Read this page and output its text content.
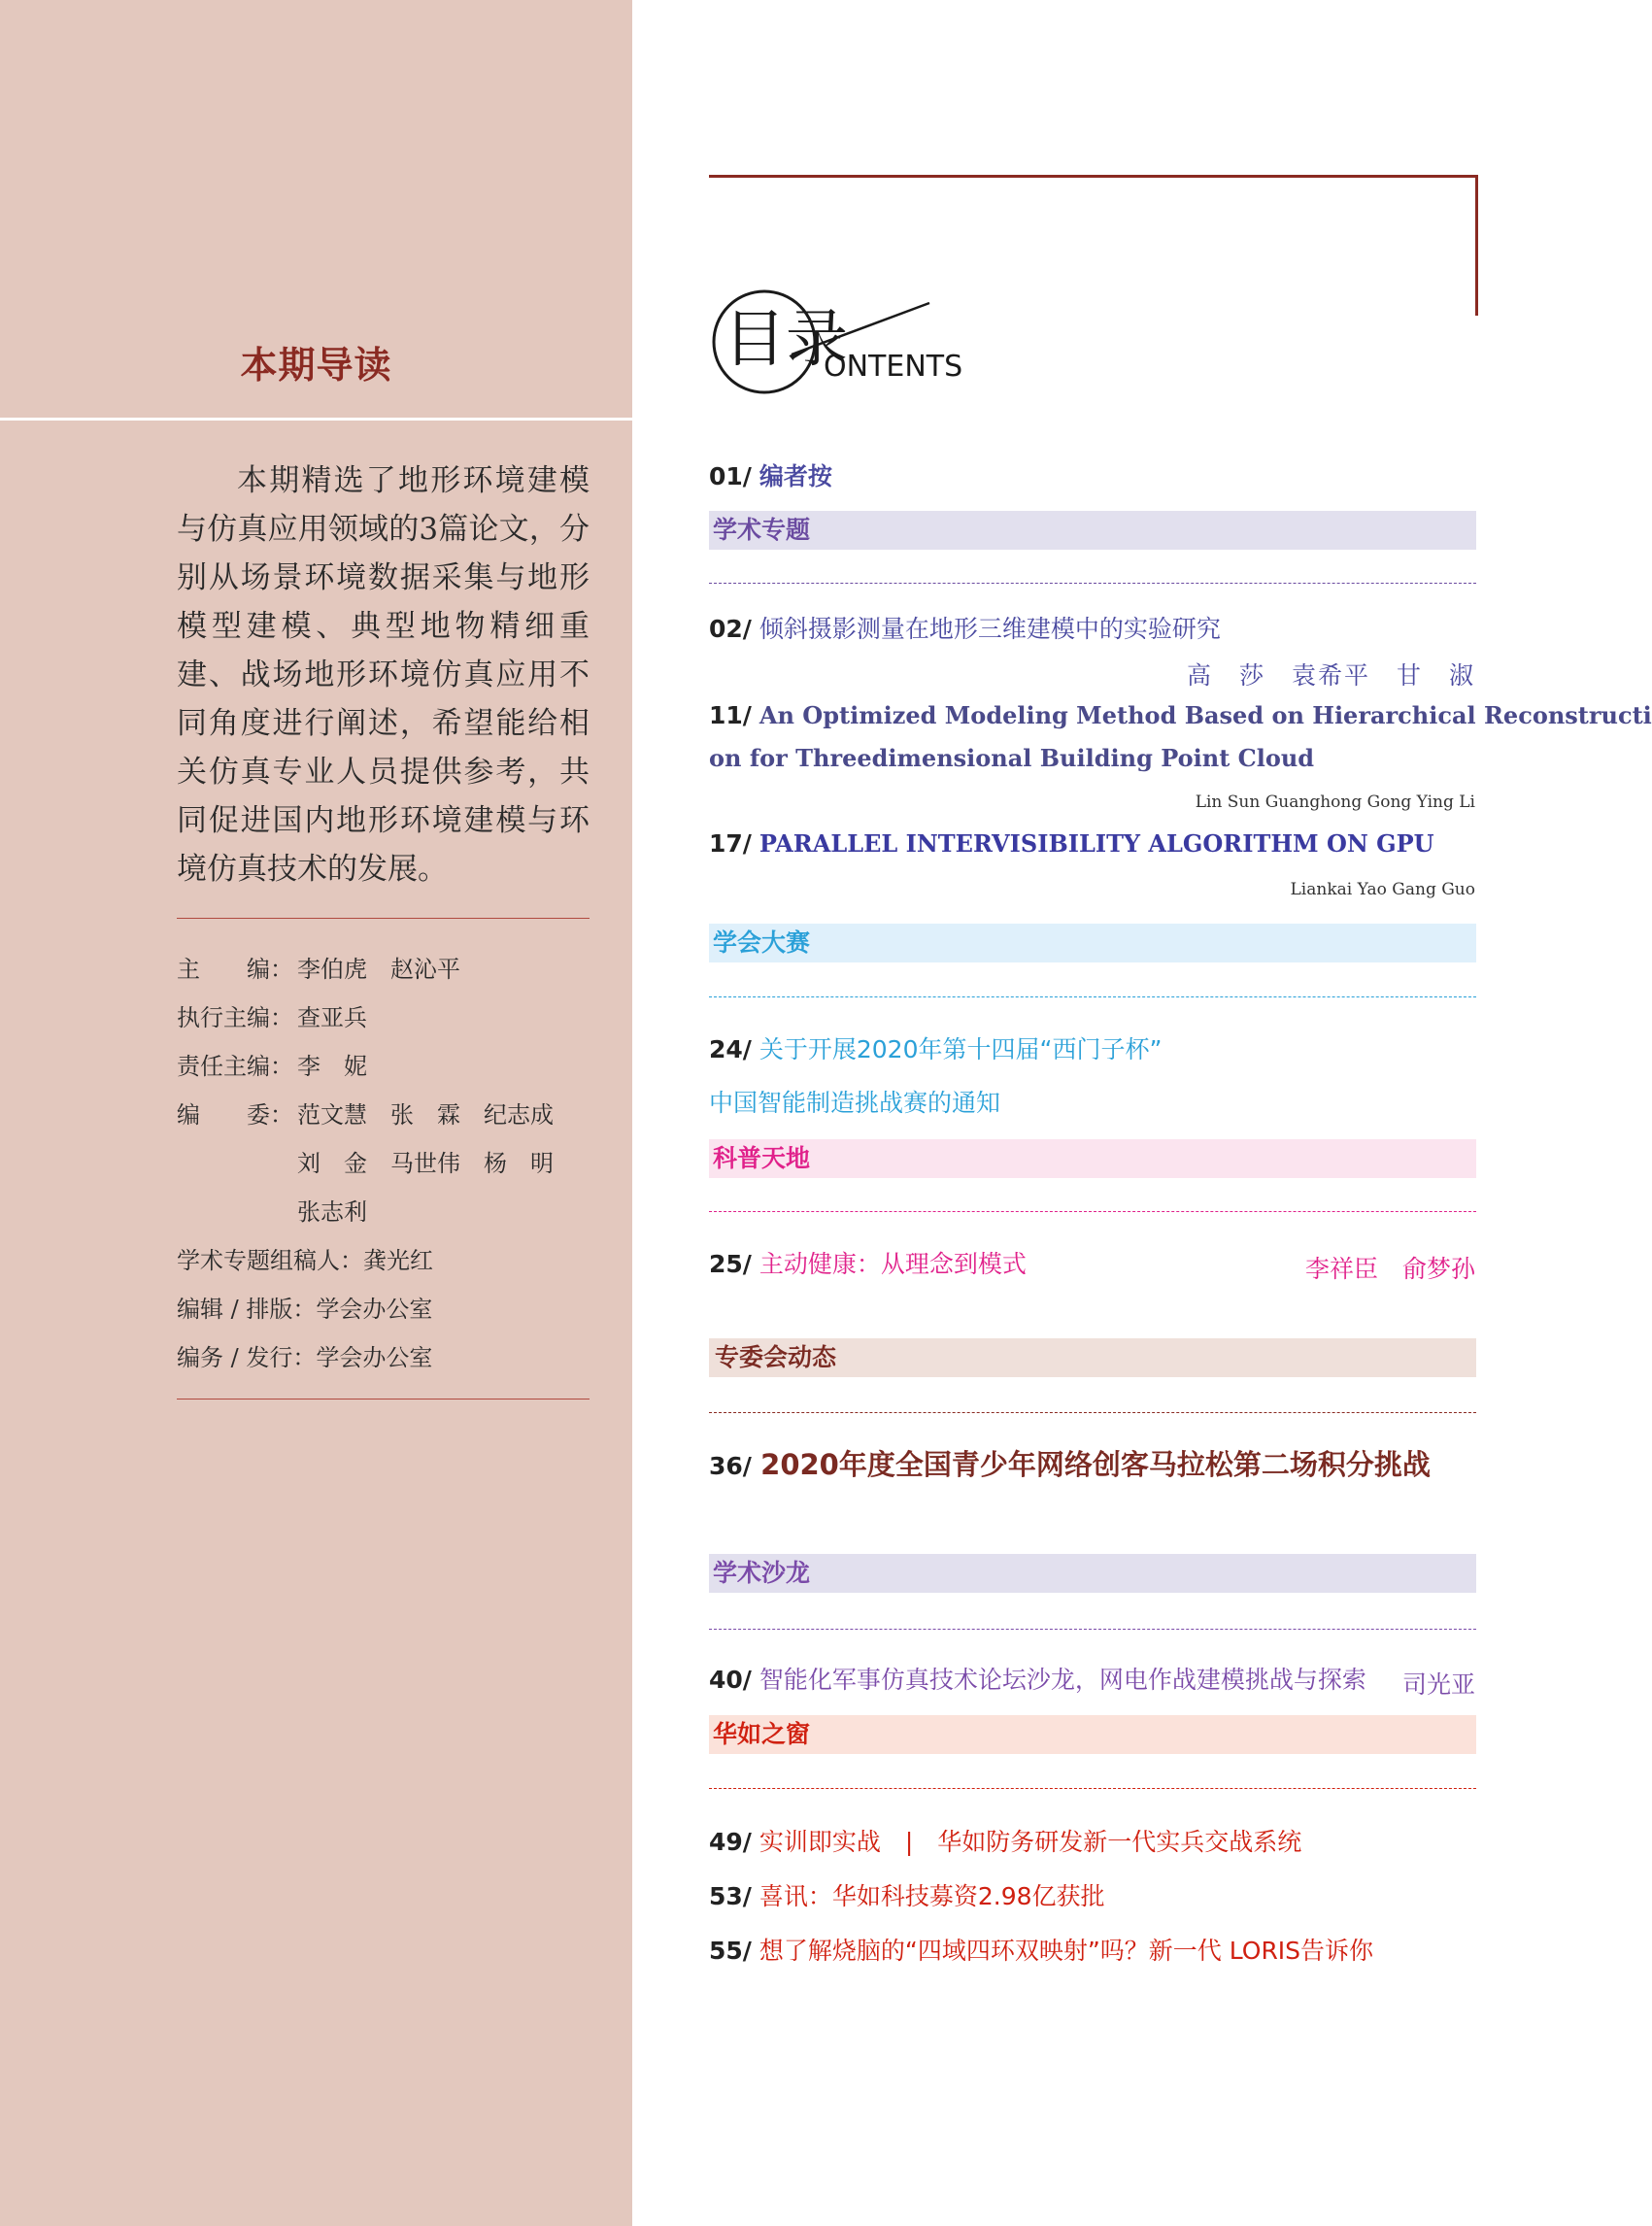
本期导读

本期精选了地形环境建模与仿真应用领域的3篇论文，分别从场景环境数据采集与地形模型建模、典型地物精细重建、战场地形环境仿真应用不同角度进行阐述，希望能给相关仿真专业人员提供参考，共同促进国内地形环境建模与环境仿真技术的发展。

主　　编： 李伯虎　赵沁平
执行主编： 查亚兵
责任主编： 李　妮
编　　委： 范文慧　张　霖　纪志成
刘　金　马世伟　杨　明
张志利
学术专题组稿人： 龚光红
编辑 / 排版： 学会办公室
编务 / 发行： 学会办公室
目录
ONTENTS
01/ 编者按
学术专题
02/ 倾斜摄影测量在地形三维建模中的实验研究
高　莎　袁希平　甘　淑
11/ An Optimized Modeling Method Based on Hierarchical Reconstructi
on for Threedimensional Building Point Cloud
Lin Sun Guanghong Gong Ying Li
17/ PARALLEL INTERVISIBILITY ALGORITHM ON GPU
Liankai Yao Gang Guo
学会大赛
24/ 关于开展2020年第十四届“西门子杯”
中国智能制造挑战赛的通知
科普天地
25/ 主动健康：从理念到模式	李祥臣　俞梦孙
专委会动态
36/ 2020年度全国青少年网络创客马拉松第二场积分挑战
学术沙龙
40/ 智能化军事仿真技术论坛沙龙，网电作战建模挑战与探索 司光亚
华如之窗
49/ 实训即实战　|　华如防务研发新一代实兵交战系统
53/ 喜讯：华如科技募资2.98亿获批
55/ 想了解烧脑的“四域四环双映射”吗？新一代 LORIS告诉你
